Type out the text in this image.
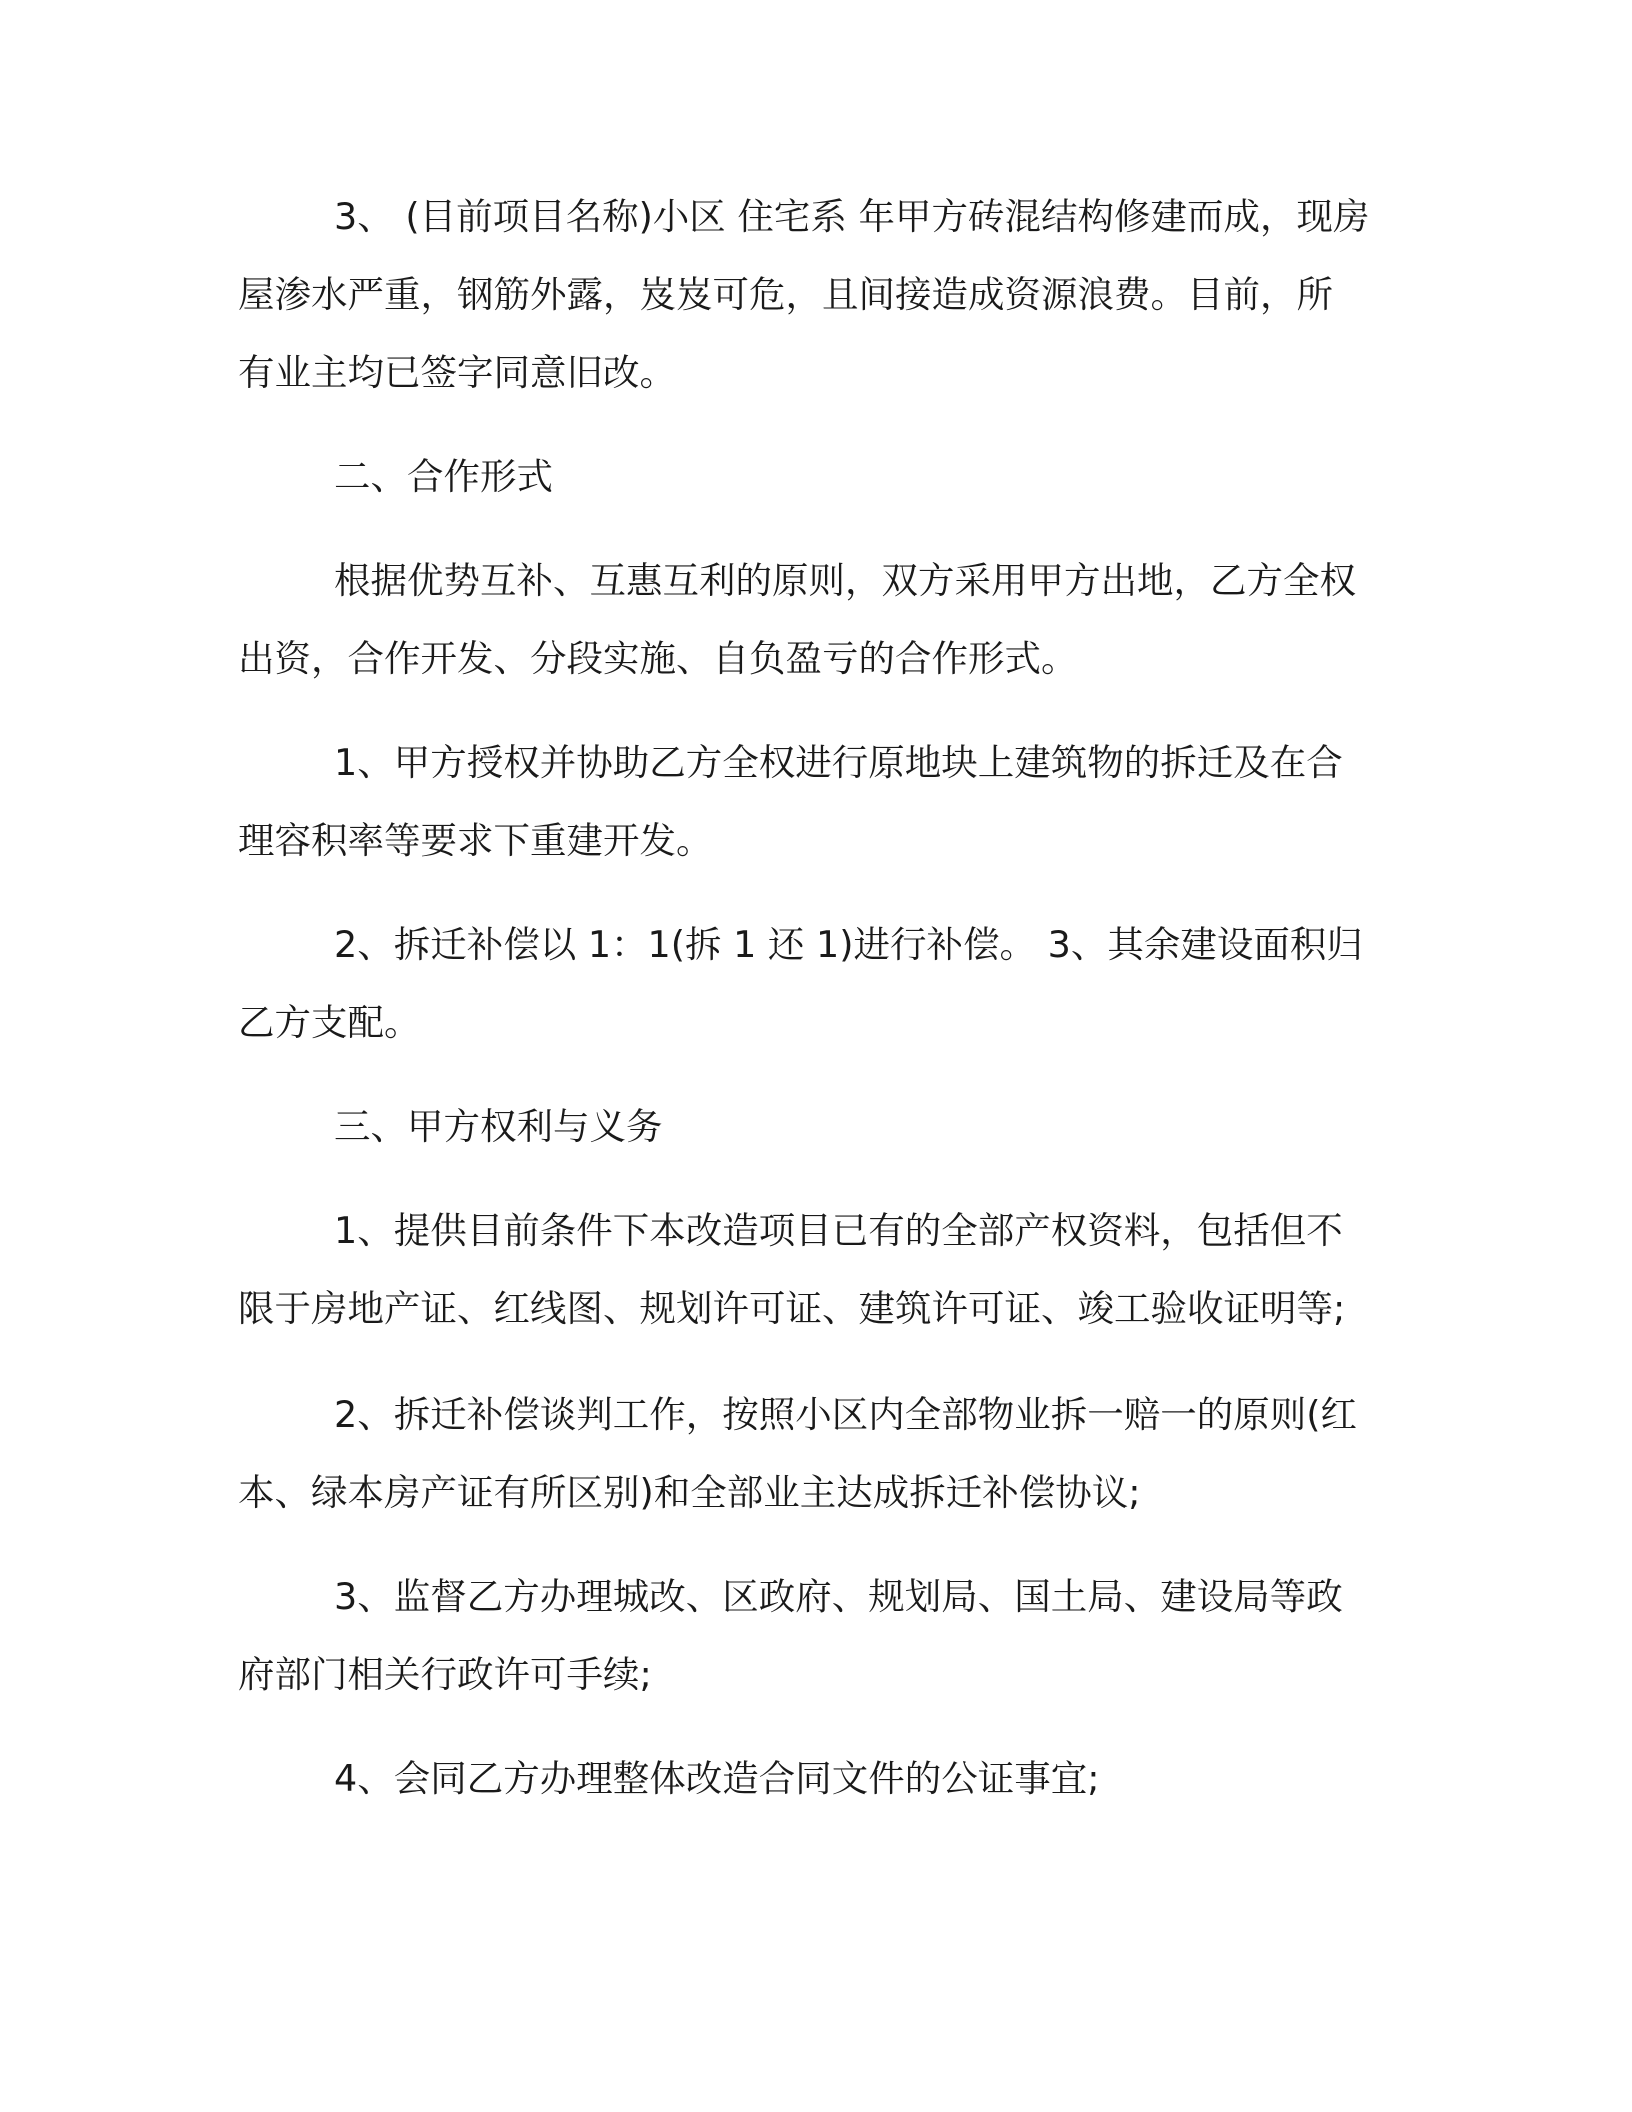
3、 (目前项目名称)小区 住宅系 年甲方砖混结构修建而成，现房
屋渗水严重，钢筋外露，岌岌可危，且间接造成资源浪费。目前，所
有业主均已签字同意旧改。
二、合作形式
根据优势互补、互惠互利的原则，双方采用甲方出地，乙方全权
出资，合作开发、分段实施、自负盈亏的合作形式。
1、甲方授权并协助乙方全权进行原地块上建筑物的拆迁及在合
理容积率等要求下重建开发。
2、拆迁补偿以 1：1(拆 1 还 1)进行补偿。 3、其余建设面积归
乙方支配。
三、甲方权利与义务
1、提供目前条件下本改造项目已有的全部产权资料，包括但不
限于房地产证、红线图、规划许可证、建筑许可证、竣工验收证明等;
2、拆迁补偿谈判工作，按照小区内全部物业拆一赔一的原则(红
本、绿本房产证有所区别)和全部业主达成拆迁补偿协议;
3、监督乙方办理城改、区政府、规划局、国土局、建设局等政
府部门相关行政许可手续;
4、会同乙方办理整体改造合同文件的公证事宜;
